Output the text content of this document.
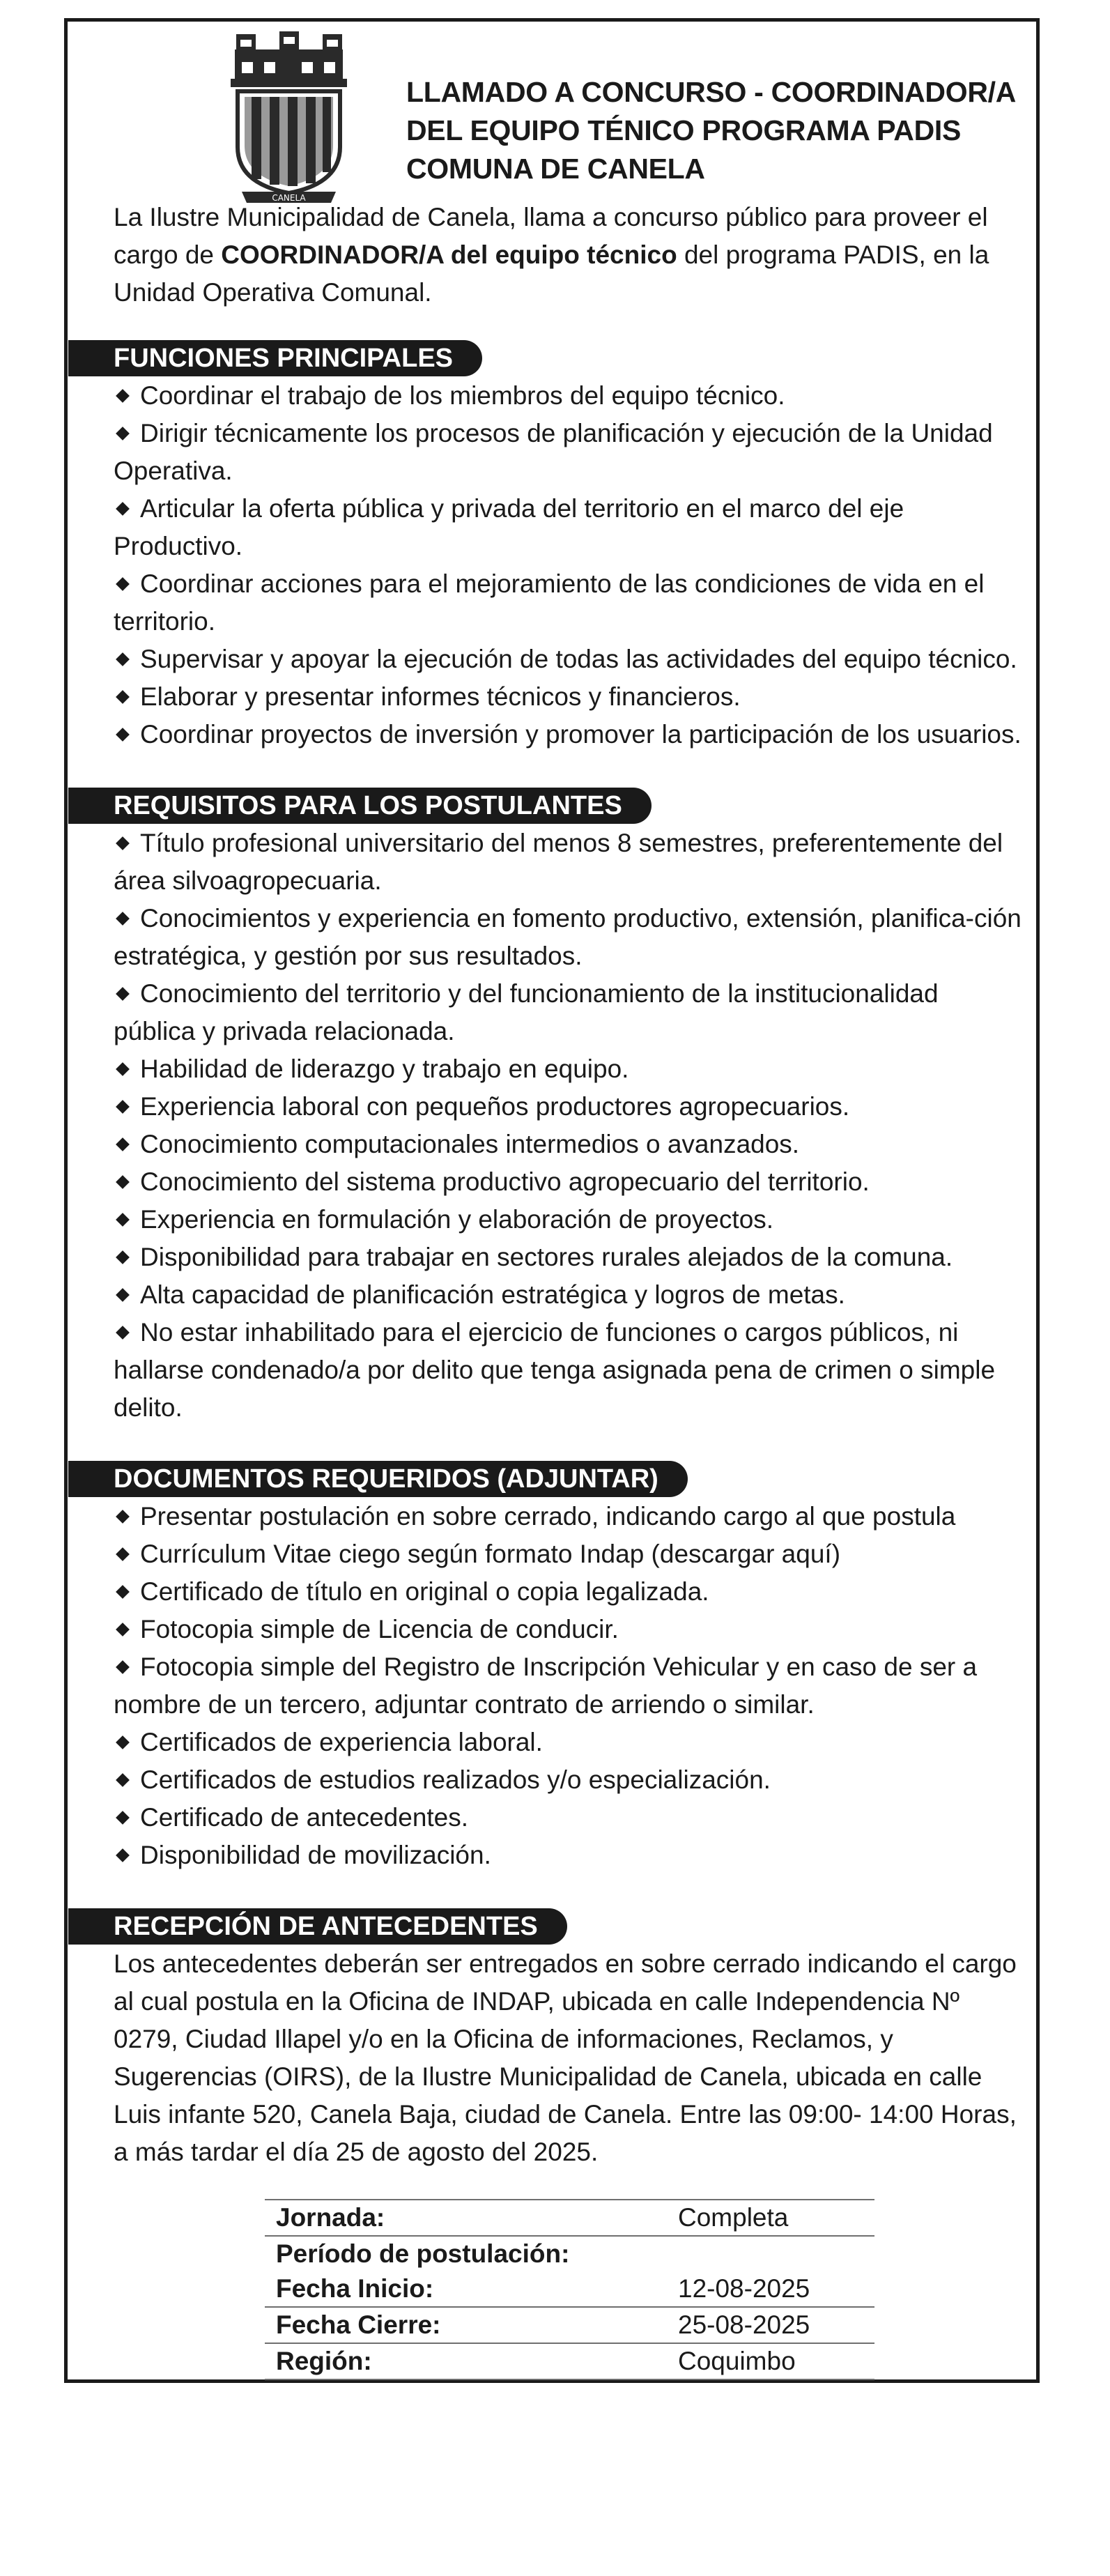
CANELA
LLAMADO A CONCURSO - COORDINADOR/A
DEL EQUIPO TÉNICO PROGRAMA PADIS
COMUNA DE CANELA

La Ilustre Municipalidad de Canela, llama a concurso público para proveer el cargo de COORDINADOR/A del equipo técnico del programa PADIS, en la Unidad Operativa Comunal.

FUNCIONES PRINCIPALES
Coordinar el trabajo de los miembros del equipo técnico.
Dirigir técnicamente los procesos de planificación y ejecución de la Unidad Operativa.
Articular la oferta pública y privada del territorio en el marco del eje Productivo.
Coordinar acciones para el mejoramiento de las condiciones de vida en el territorio.
Supervisar y apoyar la ejecución de todas las actividades del equipo técnico.
Elaborar y presentar informes técnicos y financieros.
Coordinar proyectos de inversión y promover la participación de los usuarios.
REQUISITOS PARA LOS POSTULANTES
Título profesional universitario del menos 8 semestres, preferentemente del área silvoagropecuaria.
Conocimientos y experiencia en fomento productivo, extensión, planifica-ción estratégica, y gestión por sus resultados.
Conocimiento del territorio y del funcionamiento de la institucionalidad pública y privada relacionada.
Habilidad de liderazgo y trabajo en equipo.
Experiencia laboral con pequeños productores agropecuarios.
Conocimiento computacionales intermedios o avanzados.
Conocimiento del sistema productivo agropecuario del territorio.
Experiencia en formulación y elaboración de proyectos.
Disponibilidad para trabajar en sectores rurales alejados de la comuna.
Alta capacidad de planificación estratégica y logros de metas.
No estar inhabilitado para el ejercicio de funciones o cargos públicos, ni hallarse condenado/a por delito que tenga asignada pena de crimen o simple delito.
DOCUMENTOS REQUERIDOS (ADJUNTAR)
Presentar postulación en sobre cerrado, indicando cargo al que postula
Currículum Vitae ciego según formato Indap (descargar aquí)
Certificado de título en original o copia legalizada.
Fotocopia simple de Licencia de conducir.
Fotocopia simple del Registro de Inscripción Vehicular y en caso de ser a nombre de un tercero, adjuntar contrato de arriendo o similar.
Certificados de experiencia laboral.
Certificados de estudios realizados y/o especialización.
Certificado de antecedentes.
Disponibilidad de movilización.
RECEPCIÓN DE ANTECEDENTES

Los antecedentes deberán ser entregados en sobre cerrado indicando el cargo al cual postula en la Oficina de INDAP, ubicada en calle Independencia Nº 0279, Ciudad Illapel y/o en la Oficina de informaciones, Reclamos, y Sugerencias (OIRS), de la Ilustre Municipalidad de Canela, ubicada en calle Luis infante 520, Canela Baja, ciudad de Canela. Entre las 09:00- 14:00 Horas, a más tardar el día 25 de agosto del 2025.

Jornada:	Completa
Período de postulación:	
Fecha Inicio:	12-08-2025
Fecha Cierre:	25-08-2025
Región:	Coquimbo
